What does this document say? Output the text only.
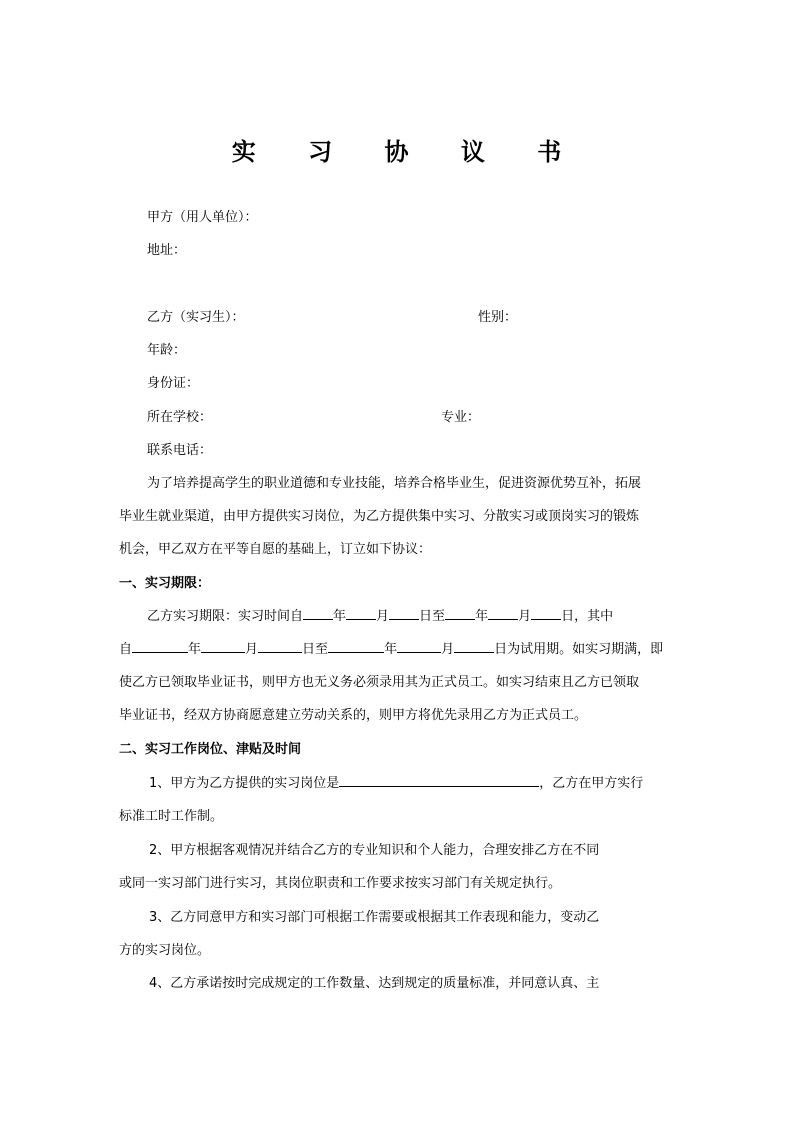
实 习 协 议 书
甲方（用人单位）：
地址：
乙方（实习生）：	性别：
年龄：
身份证：
所在学校：	专业：
联系电话：
为了培养提高学生的职业道德和专业技能，培养合格毕业生，促进资源优势互补，拓展
毕业生就业渠道，由甲方提供实习岗位，为乙方提供集中实习、分散实习或顶岗实习的锻炼
机会，甲乙双方在平等自愿的基础上，订立如下协议：
一、实习期限：
乙方实习期限：实习时间自 年 月 日至 年 月 日，其中
自	年	月	日至	年	月	日为试用期。如实习期满，即
使乙方已领取毕业证书，则甲方也无义务必须录用其为正式员工。如实习结束且乙方已领取
毕业证书，经双方协商愿意建立劳动关系的，则甲方将优先录用乙方为正式员工。
二、实习工作岗位、津贴及时间
1、甲方为乙方提供的实习岗位是	，乙方在甲方实行
标准工时工作制。
2、甲方根据客观情况并结合乙方的专业知识和个人能力，合理安排乙方在不同
或同一实习部门进行实习，其岗位职责和工作要求按实习部门有关规定执行。
3、乙方同意甲方和实习部门可根据工作需要或根据其工作表现和能力，变动乙
方的实习岗位。
4、乙方承诺按时完成规定的工作数量、达到规定的质量标准，并同意认真、主
